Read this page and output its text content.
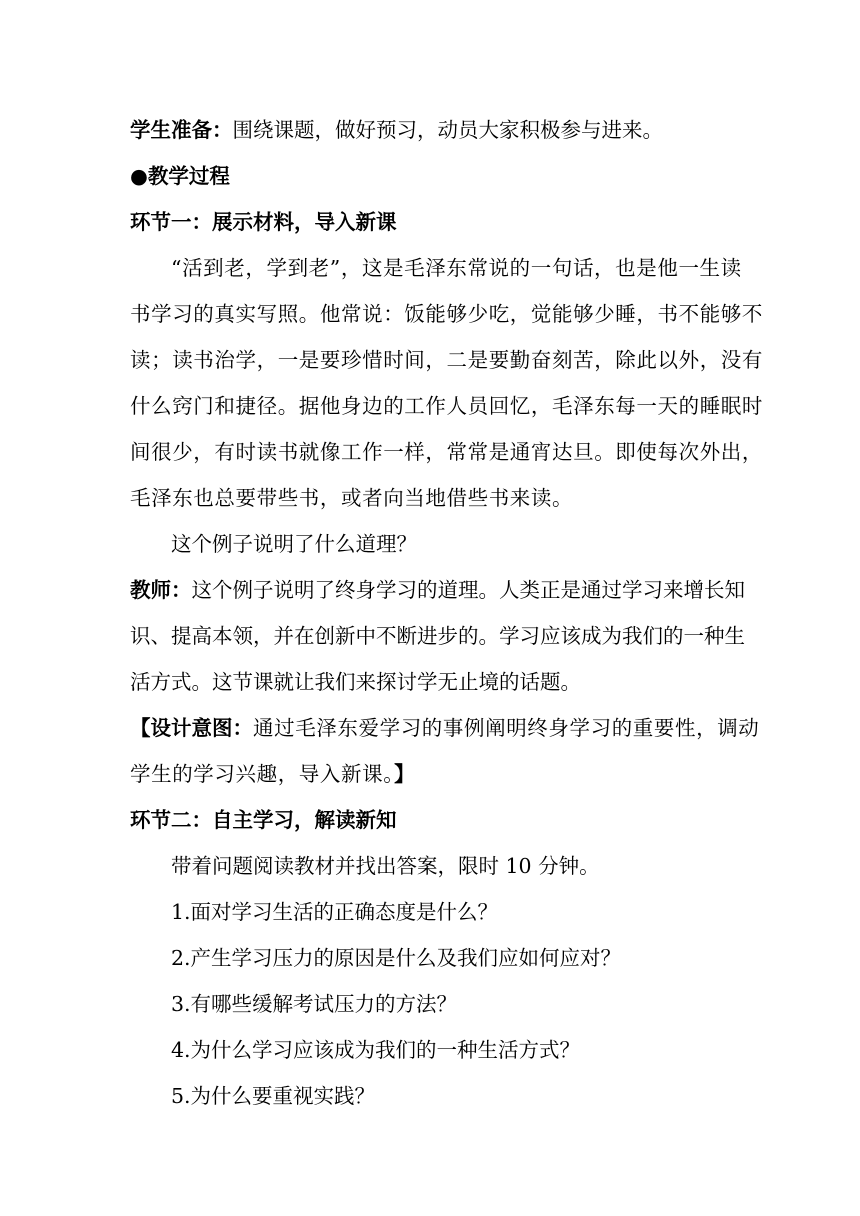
学生准备：围绕课题，做好预习，动员大家积极参与进来。
●教学过程
环节一：展示材料，导入新课
“活到老，学到老”，这是毛泽东常说的一句话，也是他一生读
书学习的真实写照。他常说：饭能够少吃，觉能够少睡，书不能够不
读；读书治学，一是要珍惜时间，二是要勤奋刻苦，除此以外，没有
什么窍门和捷径。据他身边的工作人员回忆，毛泽东每一天的睡眠时
间很少，有时读书就像工作一样，常常是通宵达旦。即使每次外出，
毛泽东也总要带些书，或者向当地借些书来读。
这个例子说明了什么道理？
教师：这个例子说明了终身学习的道理。人类正是通过学习来增长知
识、提高本领，并在创新中不断进步的。学习应该成为我们的一种生
活方式。这节课就让我们来探讨学无止境的话题。
【设计意图：通过毛泽东爱学习的事例阐明终身学习的重要性，调动
学生的学习兴趣，导入新课。】
环节二：自主学习，解读新知
带着问题阅读教材并找出答案，限时 10 分钟。
1.面对学习生活的正确态度是什么？
2.产生学习压力的原因是什么及我们应如何应对？
3.有哪些缓解考试压力的方法？
4.为什么学习应该成为我们的一种生活方式？
5.为什么要重视实践？
